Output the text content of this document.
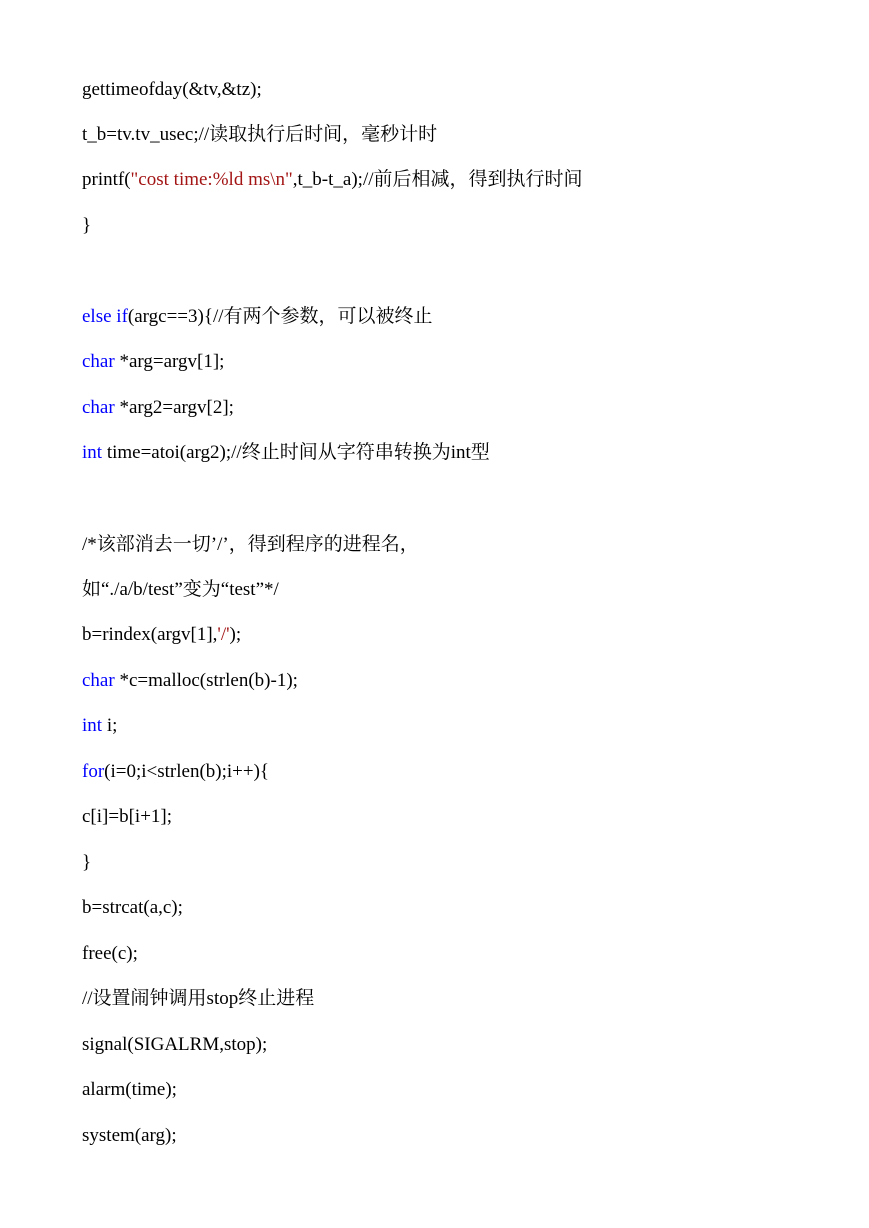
gettimeofday(&tv,&tz);
t_b=tv.tv_usec;//读取执行后时间，毫秒计时
printf("cost time:%ld ms\n",t_b-t_a);//前后相减，得到执行时间
}
else if(argc==3){//有两个参数，可以被终止
char *arg=argv[1];
char *arg2=argv[2];
int time=atoi(arg2);//终止时间从字符串转换为int型
/*该部消去一切’/’，得到程序的进程名，
如“./a/b/test”变为“test”*/
b=rindex(argv[1],'/');
char *c=malloc(strlen(b)-1);
int i;
for(i=0;i<strlen(b);i++){
c[i]=b[i+1];
}
b=strcat(a,c);
free(c);
//设置闹钟调用stop终止进程
signal(SIGALRM,stop);
alarm(time);
system(arg);
